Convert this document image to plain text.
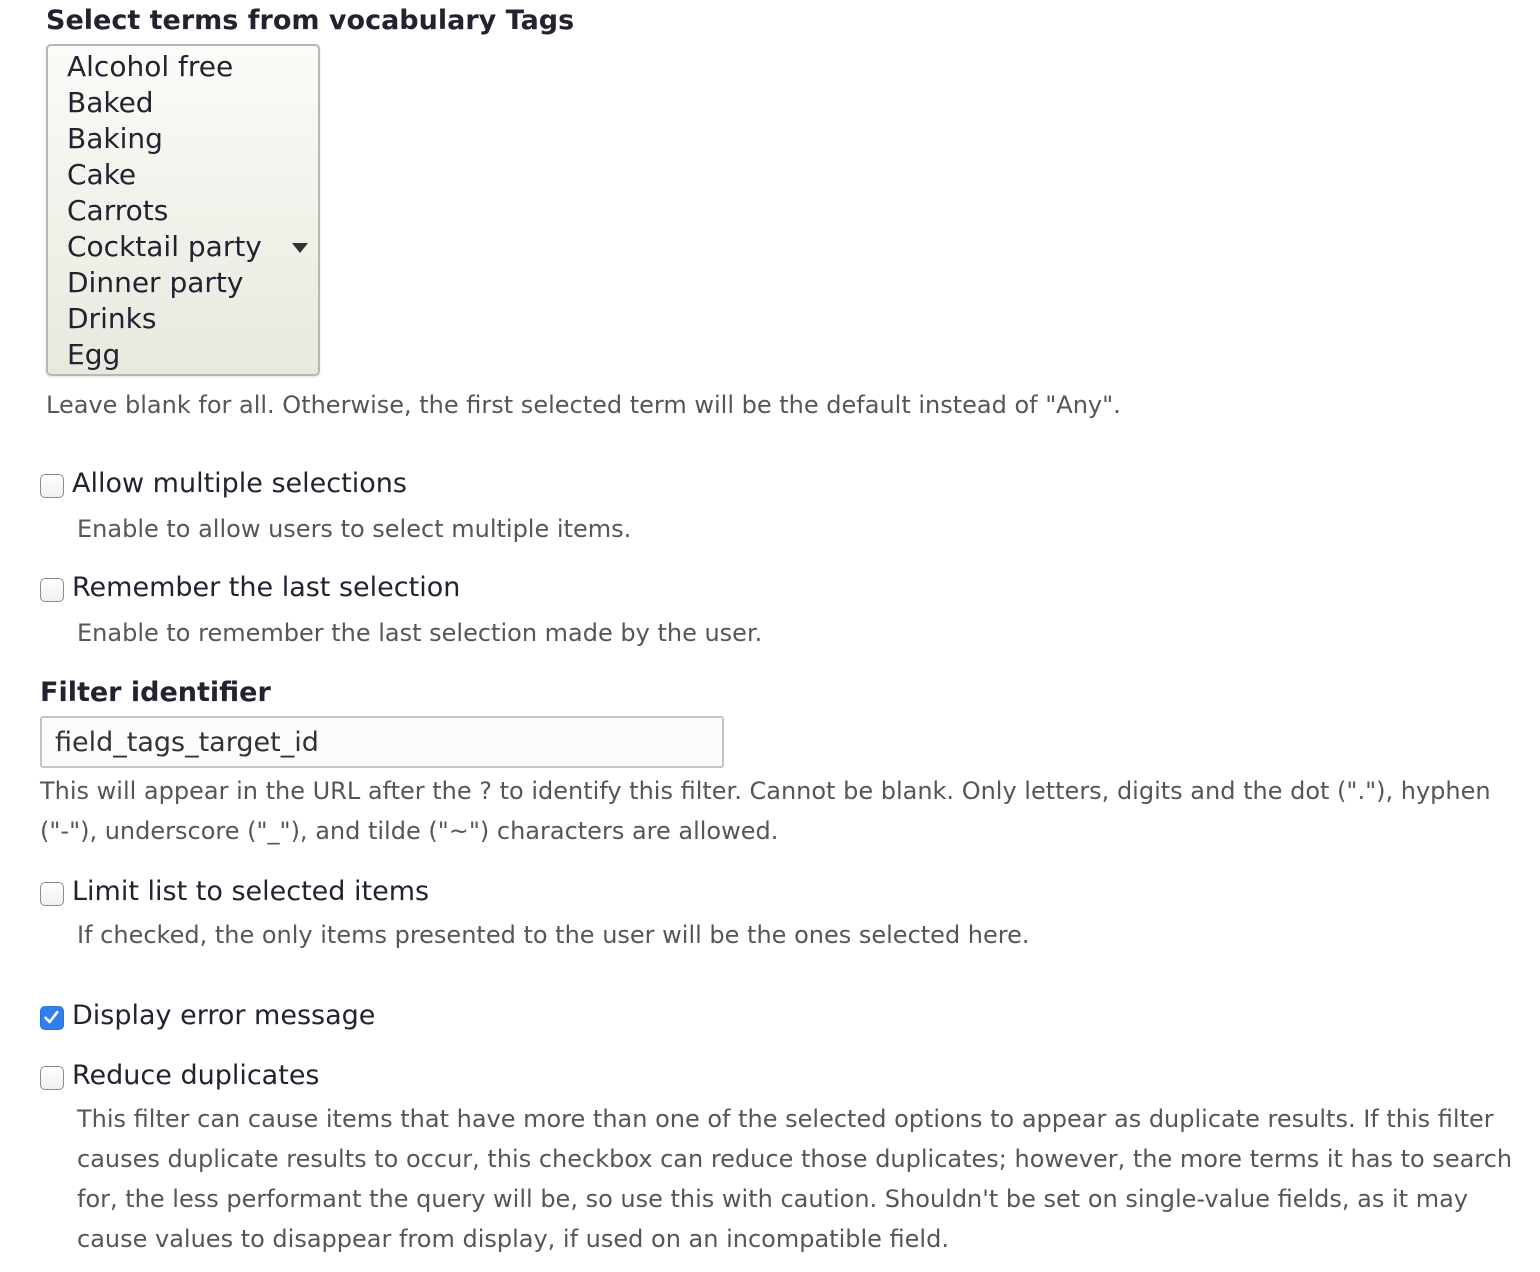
Select terms from vocabulary Tags
Alcohol free
Baked
Baking
Cake
Carrots
Cocktail party
Dinner party
Drinks
Egg
Leave blank for all. Otherwise, the first selected term will be the default instead of "Any".
Allow multiple selections
Enable to allow users to select multiple items.
Remember the last selection
Enable to remember the last selection made by the user.
Filter identifier
field_tags_target_id
This will appear in the URL after the ? to identify this filter. Cannot be blank. Only letters, digits and the dot ("."), hyphen
("-"), underscore ("_"), and tilde ("~") characters are allowed.
Limit list to selected items
If checked, the only items presented to the user will be the ones selected here.
Display error message
Reduce duplicates
This filter can cause items that have more than one of the selected options to appear as duplicate results. If this filter
causes duplicate results to occur, this checkbox can reduce those duplicates; however, the more terms it has to search
for, the less performant the query will be, so use this with caution. Shouldn't be set on single-value fields, as it may
cause values to disappear from display, if used on an incompatible field.
